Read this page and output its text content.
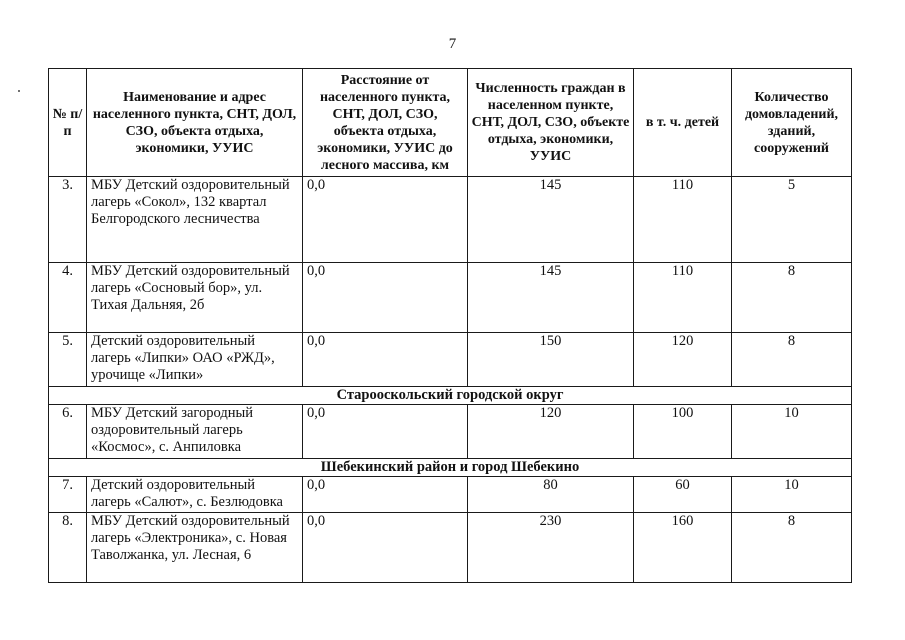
7
№ п/п	Наименование и адрес населенного пункта, СНТ, ДОЛ, СЗО, объекта отдыха, экономики, УУИС	Расстояние от населенного пункта, СНТ, ДОЛ, СЗО, объекта отдыха, экономики, УУИС до лесного массива, км	Численность граждан в населенном пункте, СНТ, ДОЛ, СЗО, объекте отдыха, экономики, УУИС	в т. ч. детей	Количество домовладений, зданий, сооружений
3.	МБУ Детский оздоровительный лагерь «Сокол», 132 квартал Белгородского лесничества	0,0	145	110	5
4.	МБУ Детский оздоровительный лагерь «Сосновый бор», ул. Тихая Дальняя, 2б	0,0	145	110	8
5.	Детский оздоровительный лагерь «Липки» ОАО «РЖД», урочище «Липки»	0,0	150	120	8
Старооскольский городской округ					
6.	МБУ Детский загородный оздоровительный лагерь «Космос», с. Анпиловка	0,0	120	100	10
Шебекинский район и город Шебекино					
7.	Детский оздоровительный лагерь «Салют», с. Безлюдовка	0,0	80	60	10
8.	МБУ Детский оздоровительный лагерь «Электроника», с. Новая Таволжанка, ул. Лесная, 6	0,0	230	160	8
